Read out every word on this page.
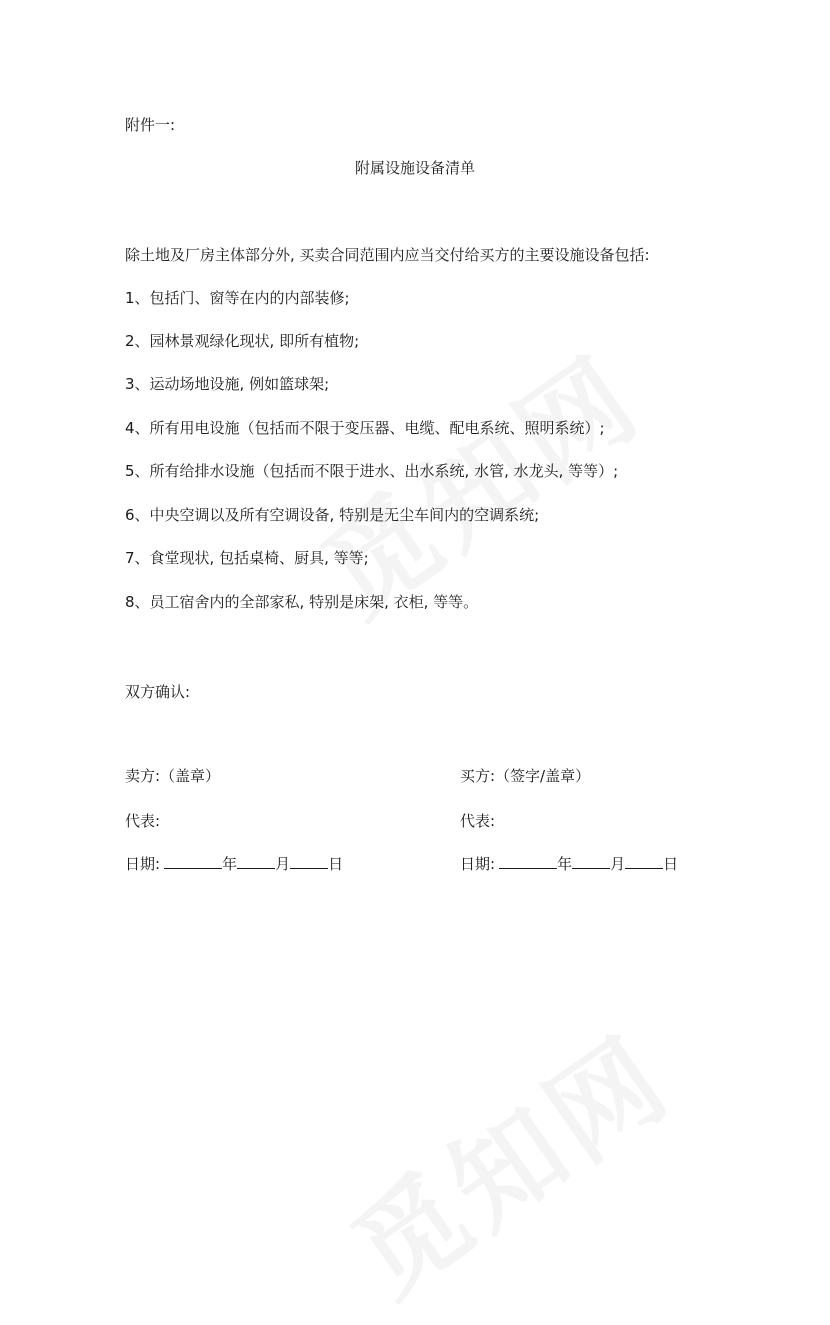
附件一:
附属设施设备清单
除土地及厂房主体部分外, 买卖合同范围内应当交付给买方的主要设施设备包括:
1、包括门、窗等在内的内部装修;
2、园林景观绿化现状, 即所有植物;
3、运动场地设施, 例如篮球架;
4、所有用电设施（包括而不限于变压器、电缆、配电系统、照明系统）;
5、所有给排水设施（包括而不限于进水、出水系统, 水管, 水龙头, 等等）;
6、中央空调以及所有空调设备, 特别是无尘车间内的空调系统;
7、食堂现状, 包括桌椅、厨具, 等等;
8、员工宿舍内的全部家私, 特别是床架, 衣柜, 等等。
双方确认:
卖方:（盖章）
代表:
日期:	年	月	日
买方:（签字/盖章）
代表:
日期:	年	月	日
